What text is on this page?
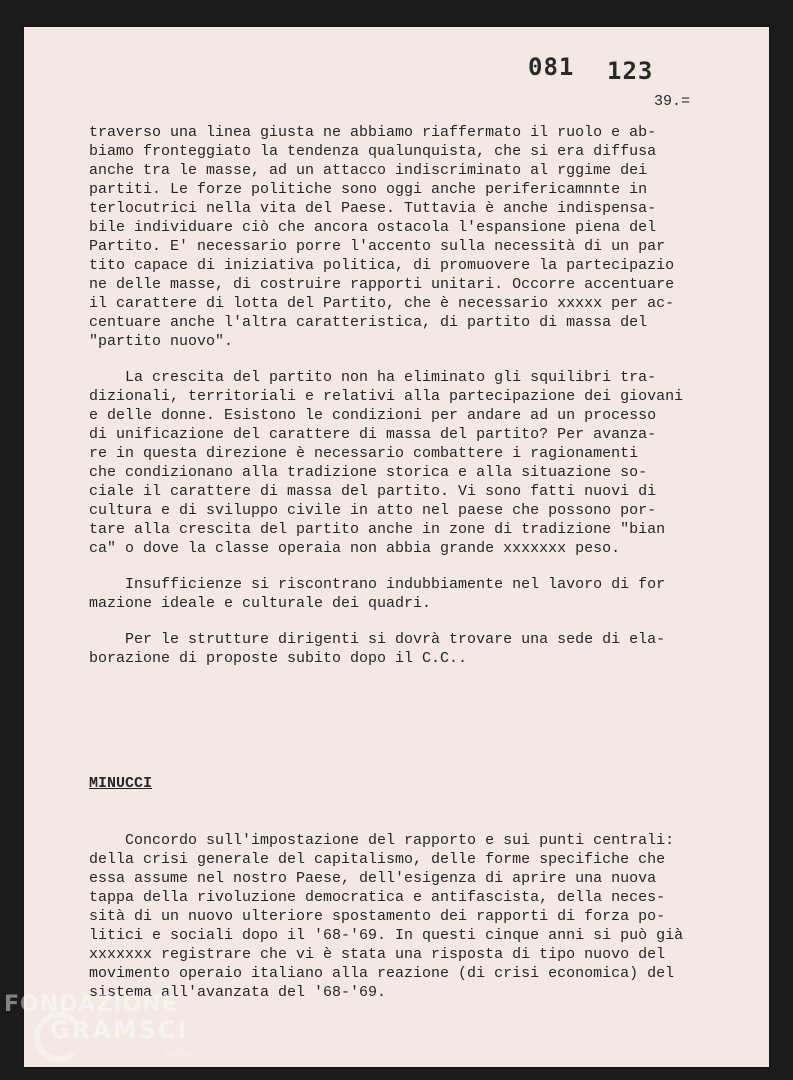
081 123
39.=
traverso una linea giusta ne abbiamo riaffermato il ruolo e ab-
biamo fronteggiato la tendenza qualunquista, che si era diffusa
anche tra le masse, ad un attacco indiscriminato al rggime dei
partiti. Le forze politiche sono oggi anche perifericamnnte in
terlocutrici nella vita del Paese. Tuttavia è anche indispensa-
bile individuare ciò che ancora ostacola l'espansione piena del
Partito. E' necessario porre l'accento sulla necessità di un par
tito capace di iniziativa politica, di promuovere la partecipazio
ne delle masse, di costruire rapporti unitari. Occorre accentuare
il carattere di lotta del Partito, che è necessario xxxxx per ac-
centuare anche l'altra caratteristica, di partito di massa del
"partito nuovo".
La crescita del partito non ha eliminato gli squilibri tra-
dizionali, territoriali e relativi alla partecipazione dei giovani
e delle donne. Esistono le condizioni per andare ad un processo
di unificazione del carattere di massa del partito? Per avanza-
re in questa direzione è necessario combattere i ragionamenti
che condizionano alla tradizione storica e alla situazione so-
ciale il carattere di massa del partito. Vi sono fatti nuovi di
cultura e di sviluppo civile in atto nel paese che possono por-
tare alla crescita del partito anche in zone di tradizione "bian
ca" o dove la classe operaia non abbia grande xxxxxxx peso.
Insufficienze si riscontrano indubbiamente nel lavoro di for
mazione ideale e culturale dei quadri.
Per le strutture dirigenti si dovrà trovare una sede di ela-
borazione di proposte subito dopo il C.C..
MINUCCI
Concordo sull'impostazione del rapporto e sui punti centrali:
della crisi generale del capitalismo, delle forme specifiche che
essa assume nel nostro Paese, dell'esigenza di aprire una nuova
tappa della rivoluzione democratica e antifascista, della neces-
sità di un nuovo ulteriore spostamento dei rapporti di forza po-
litici e sociali dopo il '68-'69. In questi cinque anni si può già
xxxxxxx registrare che vi è stata una risposta di tipo nuovo del
movimento operaio italiano alla reazione (di crisi economica) del
sistema all'avanzata del '68-'69.
FONDAZIONE
GRAMSCI
onlus
